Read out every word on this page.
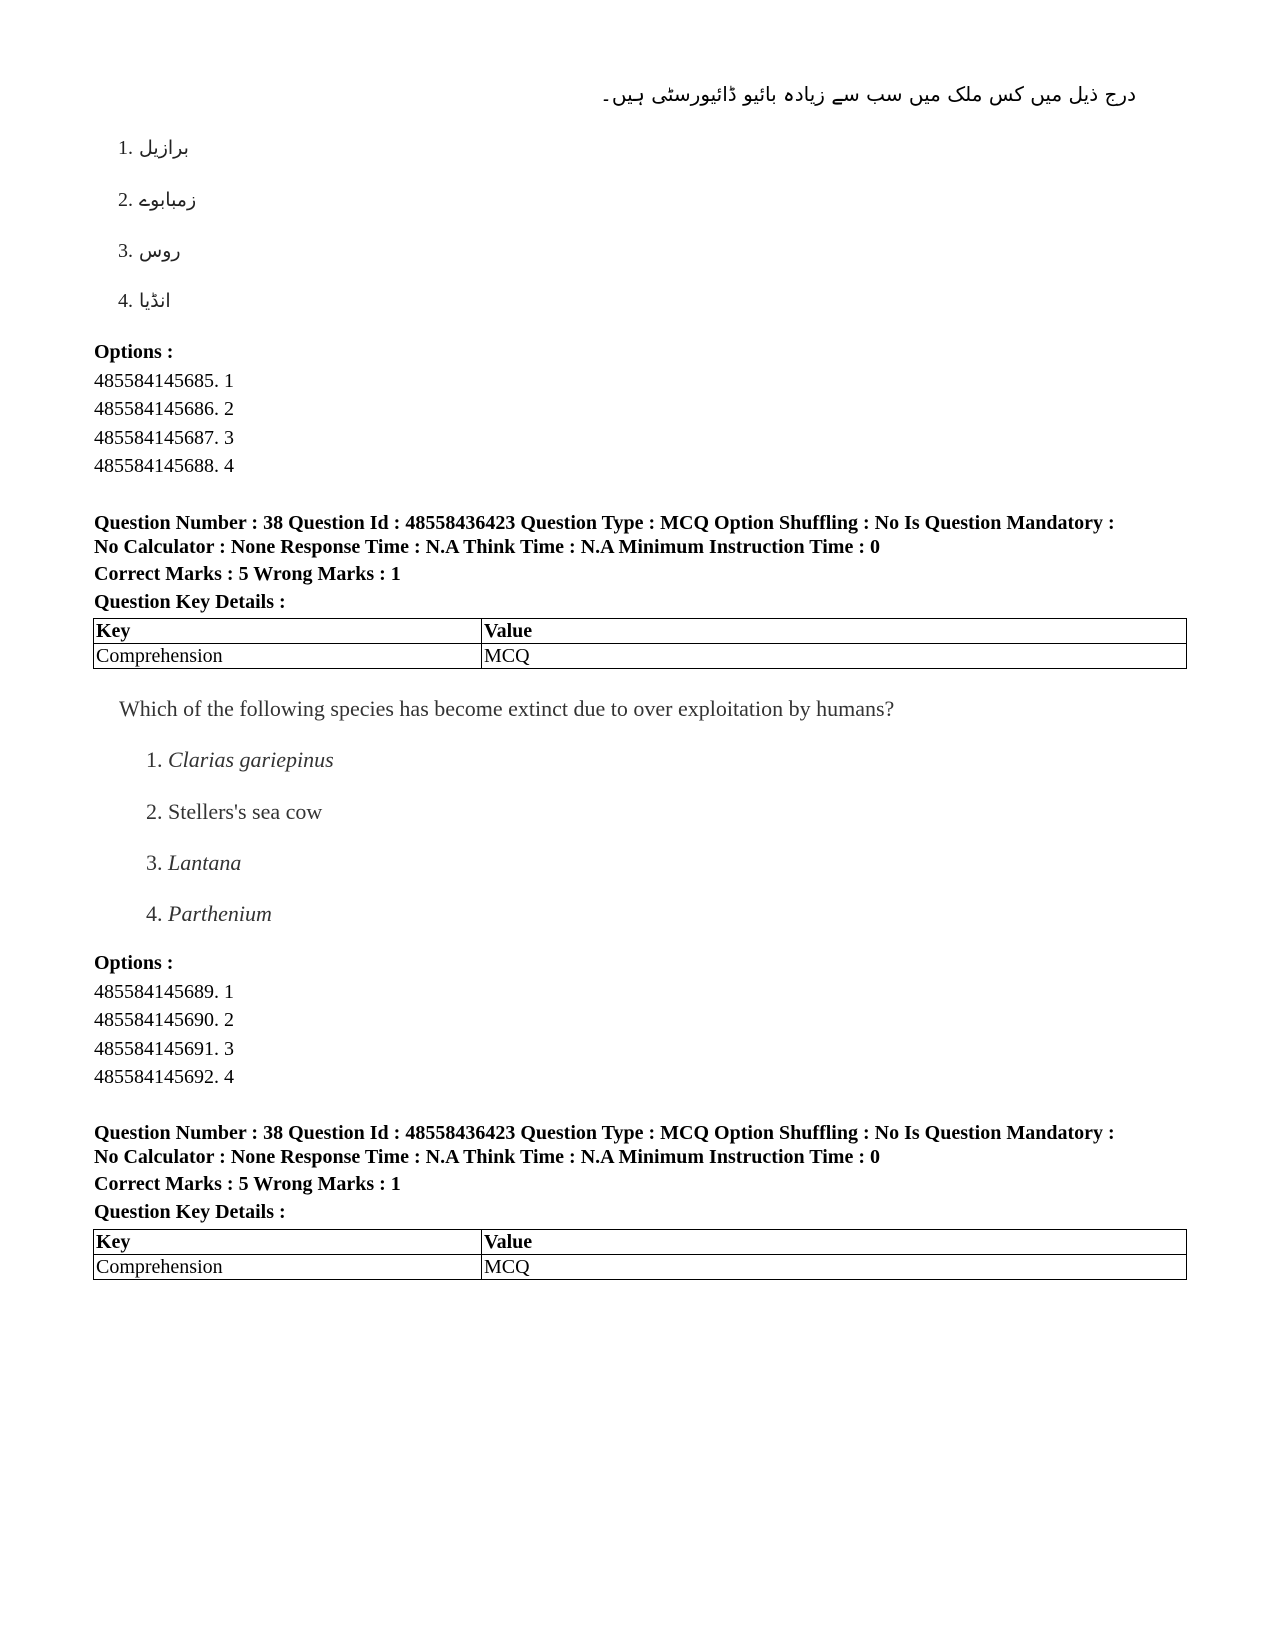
درج ذیل میں کس ملک میں سب سے زیادہ بائیو ڈائیورسٹی ہیں۔
1. برازیل
2. زمبابوے
3. روس
4. انڈیا
Options :
485584145685. 1
485584145686. 2
485584145687. 3
485584145688. 4
Question Number : 38 Question Id : 48558436423 Question Type : MCQ Option Shuffling : No Is Question Mandatory :
No Calculator : None Response Time : N.A Think Time : N.A Minimum Instruction Time : 0
Correct Marks : 5 Wrong Marks : 1
Question Key Details :
Key	Value
Comprehension	MCQ
Which of the following species has become extinct due to over exploitation by humans?
1. Clarias gariepinus
2. Stellers's sea cow
3. Lantana
4. Parthenium
Options :
485584145689. 1
485584145690. 2
485584145691. 3
485584145692. 4
Question Number : 38 Question Id : 48558436423 Question Type : MCQ Option Shuffling : No Is Question Mandatory :
No Calculator : None Response Time : N.A Think Time : N.A Minimum Instruction Time : 0
Correct Marks : 5 Wrong Marks : 1
Question Key Details :
Key	Value
Comprehension	MCQ
